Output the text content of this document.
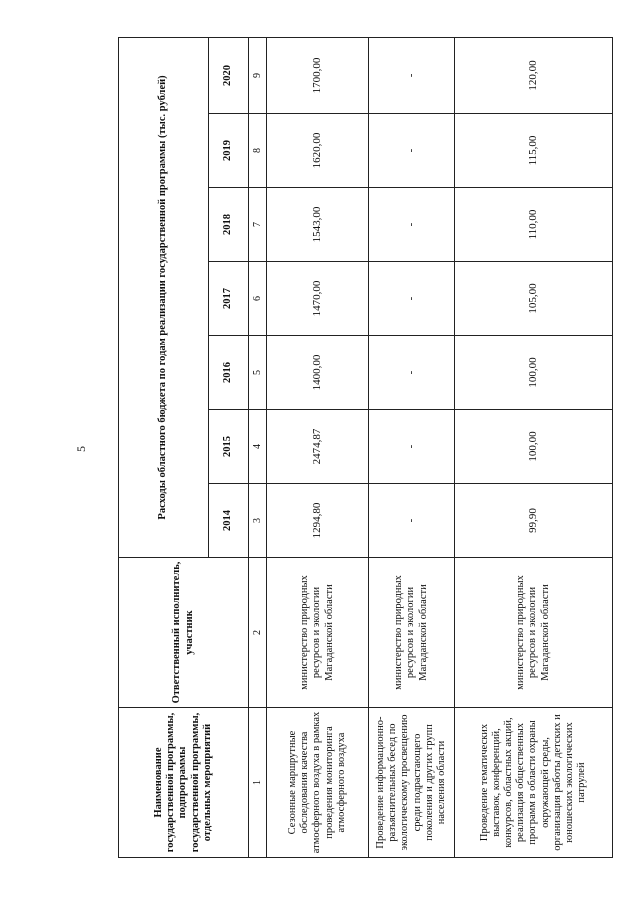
5
Наименование государственной программы, подпрограммы государственной программы, отдельных мероприятий	Ответственный исполнитель, участник	Расходы областного бюджета по годам реализации государственной программы (тыс. рублей)						
		2014	2015	2016	2017	2018	2019	2020
1	2	3	4	5	6	7	8	9
Сезонные маршрутные обследования качества атмосферного воздуха в рамках проведения мониторинга атмосферного воздуха	министерство природных ресурсов и экологии Магаданской области	1294,80	2474,87	1400,00	1470,00	1543,00	1620,00	1700,00
Проведение информационно-разъяснительных бесед по экологическому просвещению среди подрастающего поколения и других групп населения области	министерство природных ресурсов и экологии Магаданской области	-	-	-	-	-	-	-
Проведение тематических выставок, конференций, конкурсов, областных акций, реализация общественных программ в области охраны окружающей среды, организация работы детских и юношеских экологических патрулей	министерство природных ресурсов и экологии Магаданской области	99,90	100,00	100,00	105,00	110,00	115,00	120,00
